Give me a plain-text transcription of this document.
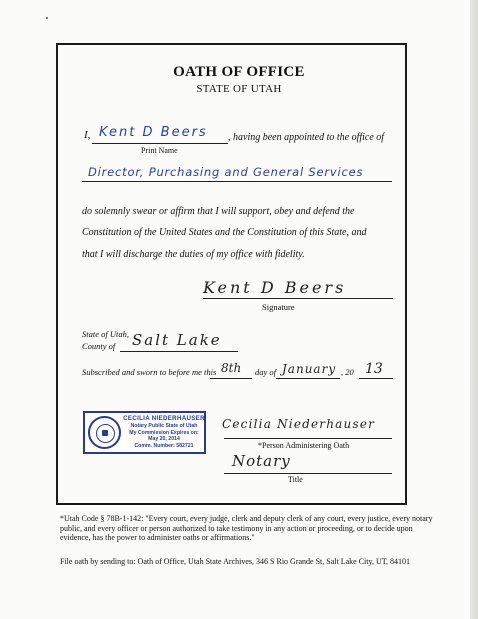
OATH OF OFFICE
STATE OF UTAH
I, Kent D Beers , having been appointed to the office of
Print Name
Director, Purchasing and General Services
do solemnly swear or affirm that I will support, obey and defend the
Constitution of the United States and the Constitution of this State, and
that I will discharge the duties of my office with fidelity.
Kent D Beers
Signature
State of Utah,
County of Salt Lake
Subscribed and sworn to before me this 8th day of January , 20 13
CECILIA NIEDERHAUSER
Notary Public State of Utah
My Commission Expires on:
May 20, 2014
Comm. Number: 582721
Cecilia Niederhauser
*Person Administering Oath
Notary
Title
*Utah Code § 78B-1-142: "Every court, every judge, clerk and deputy clerk of any court, every justice, every notary public, and every officer or person authorized to take testimony in any action or proceeding, or to decide upon evidence, has the power to administer oaths or affirmations."
File oath by sending to: Oath of Office, Utah State Archives, 346 S Rio Grande St, Salt Lake City, UT, 84101
